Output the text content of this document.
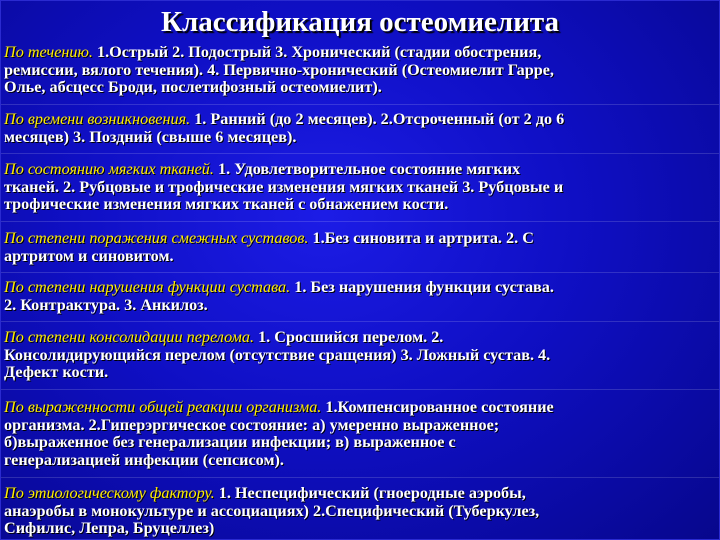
Классификация остеомиелита

По течению. 1.Острый 2. Подострый 3. Хронический (стадии обострения,
ремиссии, вялого течения). 4. Первично-хронический (Остеомиелит Гарре,
Олье, абсцесс Броди, послетифозный остеомиелит).

По времени возникновения. 1. Ранний (до 2 месяцев). 2.Отсроченный (от 2 до 6
месяцев) 3. Поздний (свыше 6 месяцев).

По состоянию мягких тканей. 1. Удовлетворительное состояние мягких
тканей. 2. Рубцовые и трофические изменения мягких тканей 3. Рубцовые и
трофические изменения мягких тканей с обнажением кости.

По степени поражения смежных суставов. 1.Без синовита и артрита. 2. С
артритом и синовитом.

По степени нарушения функции сустава. 1. Без нарушения функции сустава.
2. Контрактура. 3. Анкилоз.

По степени консолидации перелома. 1. Сросшийся перелом. 2.
Консолидирующийся перелом (отсутствие сращения) 3. Ложный сустав. 4.
Дефект кости.

По выраженности общей реакции организма. 1.Компенсированное состояние
организма. 2.Гиперэргическое состояние: а) умеренно выраженное;
б)выраженное без генерализации инфекции; в) выраженное с
генерализацией инфекции (сепсисом).

По этиологическому фактору. 1. Неспецифический (гноеродные аэробы,
анаэробы в монокультуре и ассоциациях) 2.Специфический (Туберкулез,
Сифилис, Лепра, Бруцеллез)
